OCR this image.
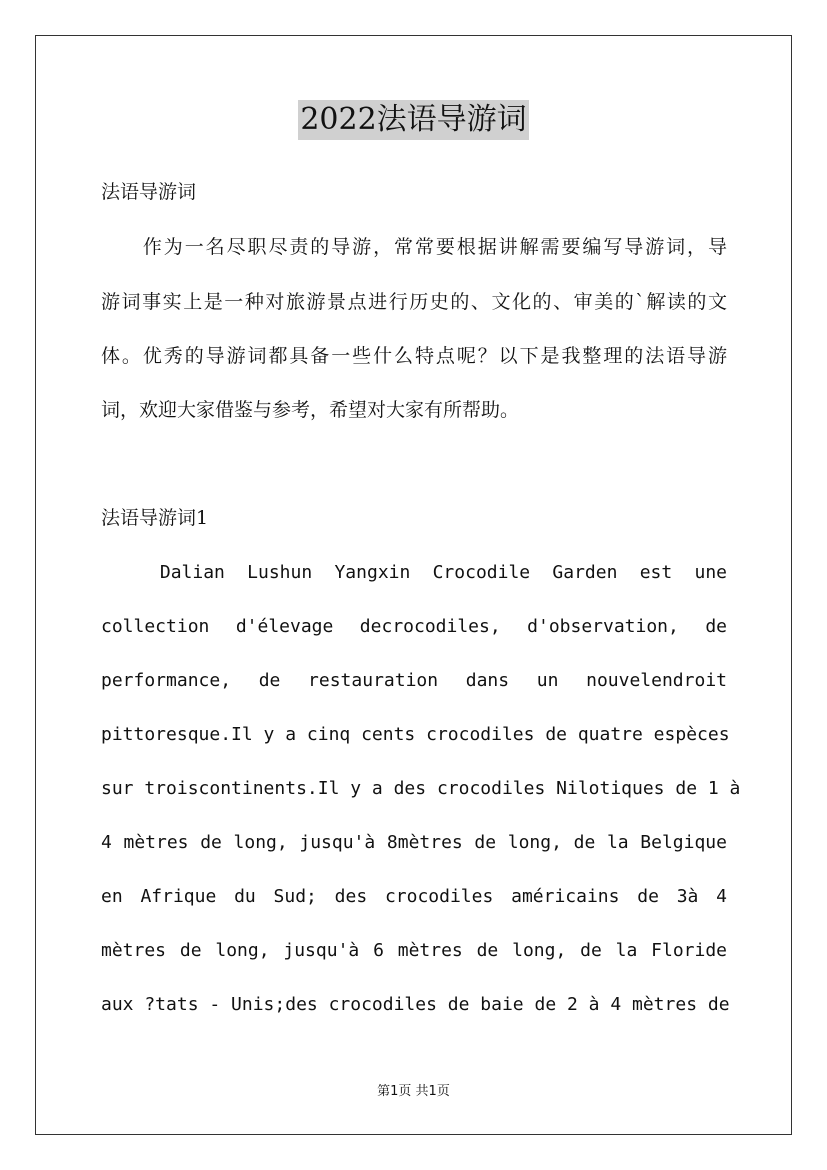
2022法语导游词
法语导游词
　　作为一名尽职尽责的导游，常常要根据讲解需要编写导游词，导
游词事实上是一种对旅游景点进行历史的、文化的、审美的`解读的文
体。优秀的导游词都具备一些什么特点呢？以下是我整理的法语导游
词，欢迎大家借鉴与参考，希望对大家有所帮助。
法语导游词1
　　Dalian Lushun Yangxin Crocodile Garden est une
collection d'élevage decrocodiles, d'observation, de
performance, de restauration dans un nouvelendroit
pittoresque.Il y a cinq cents crocodiles de quatre espèces
sur troiscontinents.Il y a des crocodiles Nilotiques de 1 à
4 mètres de long, jusqu'à 8mètres de long, de la Belgique
en Afrique du Sud; des crocodiles américains de 3à 4
mètres de long, jusqu'à 6 mètres de long, de la Floride
aux ?tats - Unis;des crocodiles de baie de 2 à 4 mètres de
第1页 共1页
